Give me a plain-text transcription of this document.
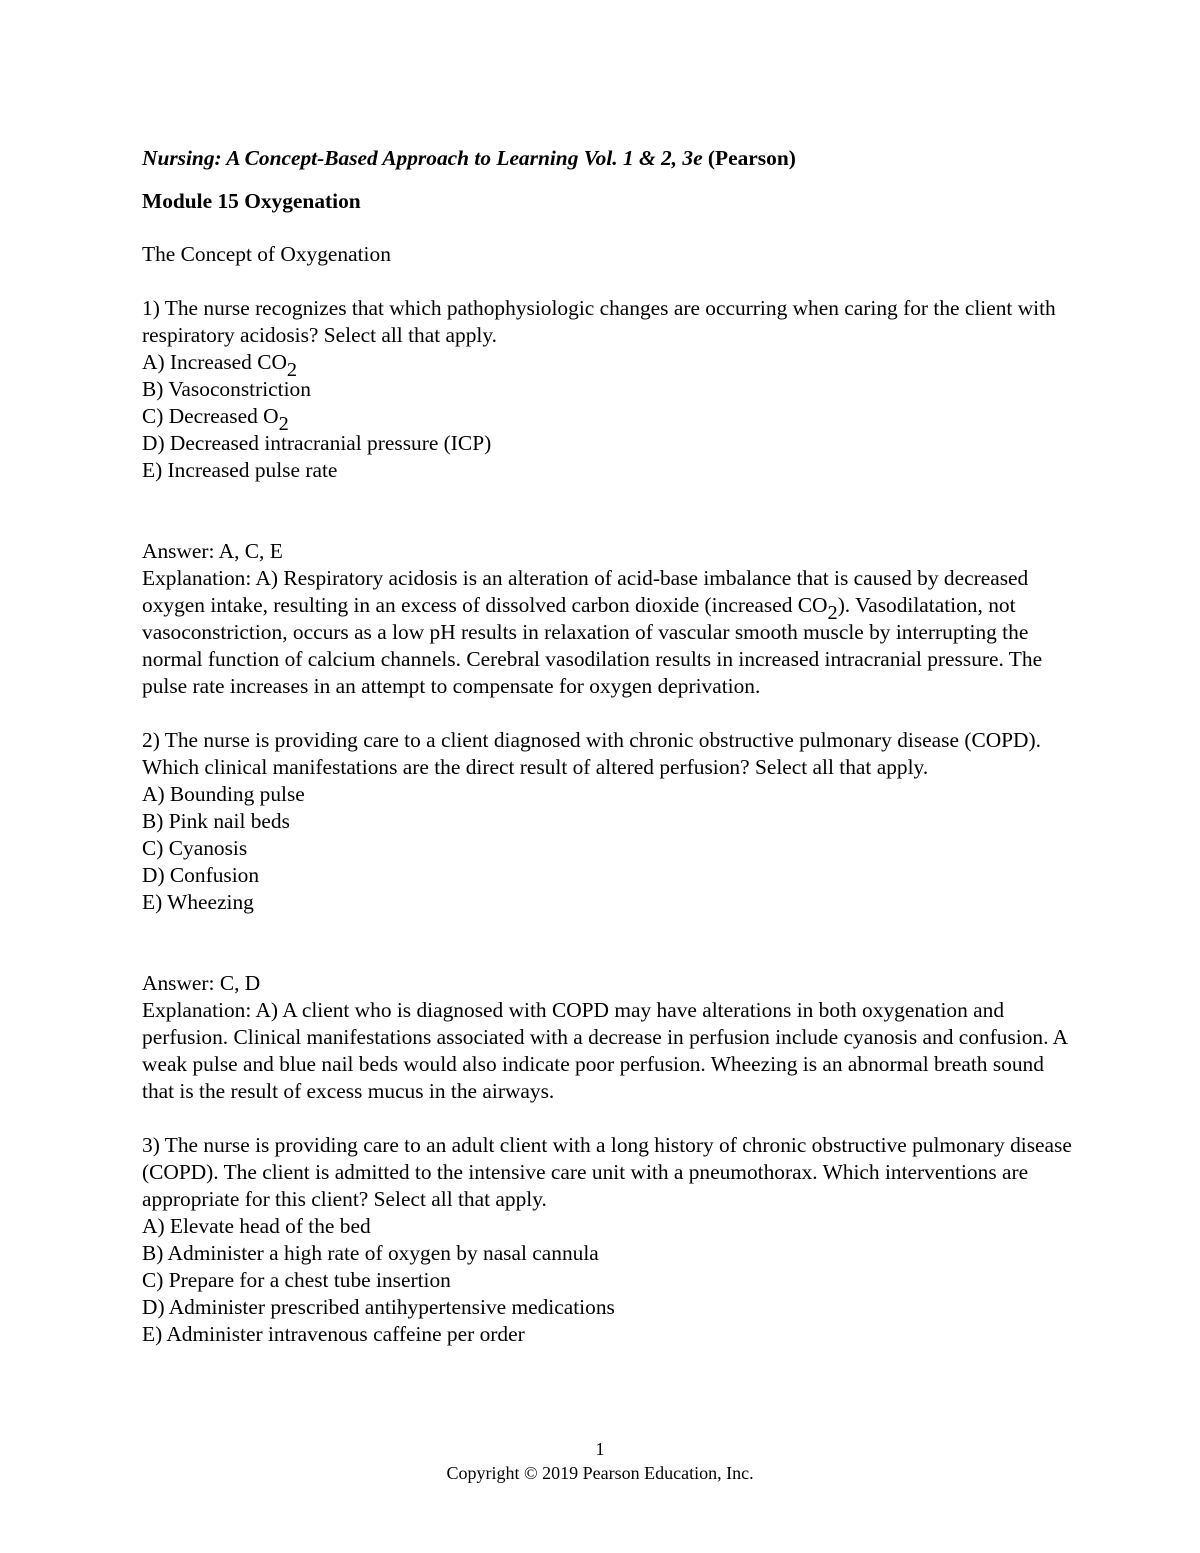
Nursing: A Concept-Based Approach to Learning Vol. 1 & 2, 3e (Pearson)

Module 15 Oxygenation

The Concept of Oxygenation

1) The nurse recognizes that which pathophysiologic changes are occurring when caring for the client with respiratory acidosis? Select all that apply.

A) Increased $CO_2$

B) Vasoconstriction

C) Decreased $O_2$

D) Decreased intracranial pressure (ICP)

E) Increased pulse rate

Answer: A, C, E

Explanation: A) Respiratory acidosis is an alteration of acid-base imbalance that is caused by decreased oxygen intake, resulting in an excess of dissolved carbon dioxide (increased $CO_2$). Vasodilatation, not vasoconstriction, occurs as a low pH results in relaxation of vascular smooth muscle by interrupting the normal function of calcium channels. Cerebral vasodilation results in increased intracranial pressure. The pulse rate increases in an attempt to compensate for oxygen deprivation.

2) The nurse is providing care to a client diagnosed with chronic obstructive pulmonary disease (COPD). Which clinical manifestations are the direct result of altered perfusion? Select all that apply.

A) Bounding pulse

B) Pink nail beds

C) Cyanosis

D) Confusion

E) Wheezing

Answer: C, D

Explanation: A) A client who is diagnosed with COPD may have alterations in both oxygenation and perfusion. Clinical manifestations associated with a decrease in perfusion include cyanosis and confusion. A weak pulse and blue nail beds would also indicate poor perfusion. Wheezing is an abnormal breath sound that is the result of excess mucus in the airways.

3) The nurse is providing care to an adult client with a long history of chronic obstructive pulmonary disease (COPD). The client is admitted to the intensive care unit with a pneumothorax. Which interventions are appropriate for this client? Select all that apply.

A) Elevate head of the bed

B) Administer a high rate of oxygen by nasal cannula

C) Prepare for a chest tube insertion

D) Administer prescribed antihypertensive medications

E) Administer intravenous caffeine per order

1
Copyright © 2019 Pearson Education, Inc.
